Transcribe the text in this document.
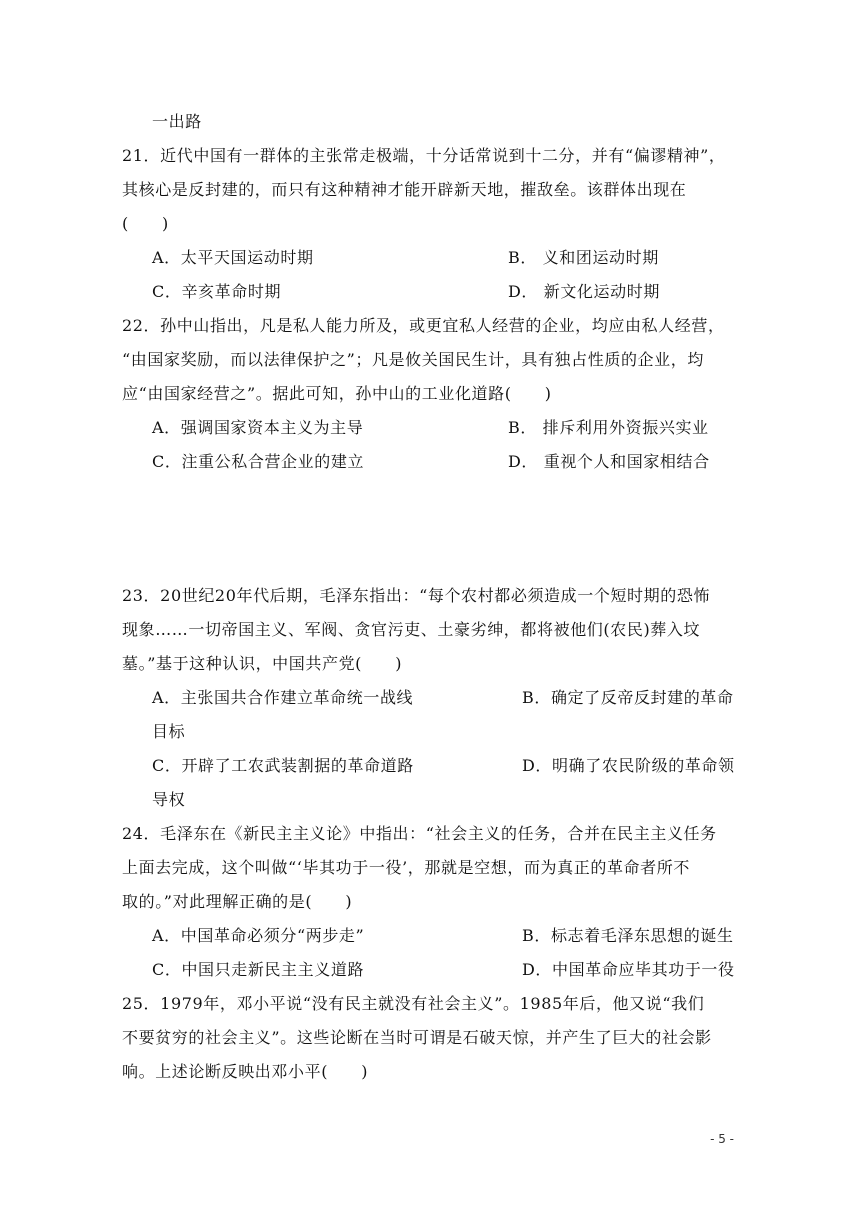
一出路
21．近代中国有一群体的主张常走极端，十分话常说到十二分，并有“偏谬精神”，
其核心是反封建的，而只有这种精神才能开辟新天地，摧敌垒。该群体出现在
(　　)
A．太平天国运动时期	B． 义和团运动时期
C．辛亥革命时期	D． 新文化运动时期
22．孙中山指出，凡是私人能力所及，或更宜私人经营的企业，均应由私人经营，
“由国家奖励，而以法律保护之”；凡是攸关国民生计，具有独占性质的企业，均
应“由国家经营之”。据此可知，孙中山的工业化道路(　　)
A．强调国家资本主义为主导	B． 排斥利用外资振兴实业
C．注重公私合营企业的建立	D． 重视个人和国家相结合
23．20世纪20年代后期，毛泽东指出：“每个农村都必须造成一个短时期的恐怖
现象……一切帝国主义、军阀、贪官污吏、土豪劣绅，都将被他们(农民)葬入坟
墓。”基于这种认识，中国共产党(　　)
A．主张国共合作建立革命统一战线	B．确定了反帝反封建的革命
目标
C．开辟了工农武装割据的革命道路	D．明确了农民阶级的革命领
导权
24．毛泽东在《新民主主义论》中指出：“社会主义的任务，合并在民主主义任务
上面去完成，这个叫做“‘毕其功于一役’，那就是空想，而为真正的革命者所不
取的。”对此理解正确的是(　　)
A．中国革命必须分“两步走”	B．标志着毛泽东思想的诞生
C．中国只走新民主主义道路	D．中国革命应毕其功于一役
25．1979年，邓小平说“没有民主就没有社会主义”。1985年后，他又说“我们
不要贫穷的社会主义”。这些论断在当时可谓是石破天惊，并产生了巨大的社会影
响。上述论断反映出邓小平(　　)
- 5 -
